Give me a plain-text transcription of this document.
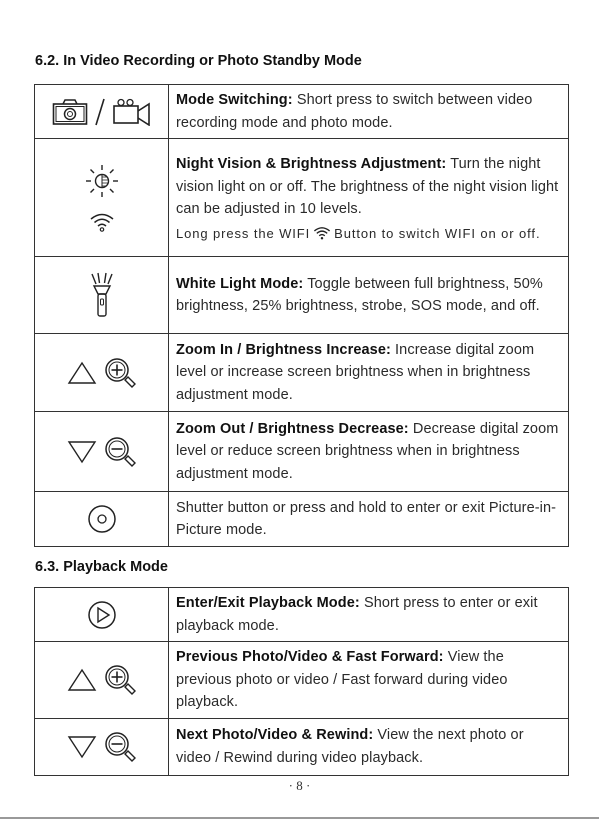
6.2. In Video Recording or Photo Standby Mode
	Mode Switching: Short press to switch between video recording mode and photo mode.

	Night Vision & Brightness Adjustment: Turn the night vision light on or off. The brightness of the night vision light can be adjusted in 10 levels.
Long press the WIFI Button to switch WIFI on or off.

	White Light Mode: Toggle between full brightness, 50% brightness, 25% brightness, strobe, SOS mode, and off.

	Zoom In / Brightness Increase: Increase digital zoom level or increase screen brightness when in brightness adjustment mode.

	Zoom Out / Brightness Decrease: Decrease digital zoom level or reduce screen brightness when in brightness adjustment mode.
	Shutter button or press and hold to enter or exit Picture-in-Picture mode.
6.3. Playback Mode
	Enter/Exit Playback Mode: Short press to enter or exit playback mode.

	Previous Photo/Video & Fast Forward: View the previous photo or video / Fast forward during video playback.

	Next Photo/Video & Rewind: View the next photo or video / Rewind during video playback.
· 8 ·
